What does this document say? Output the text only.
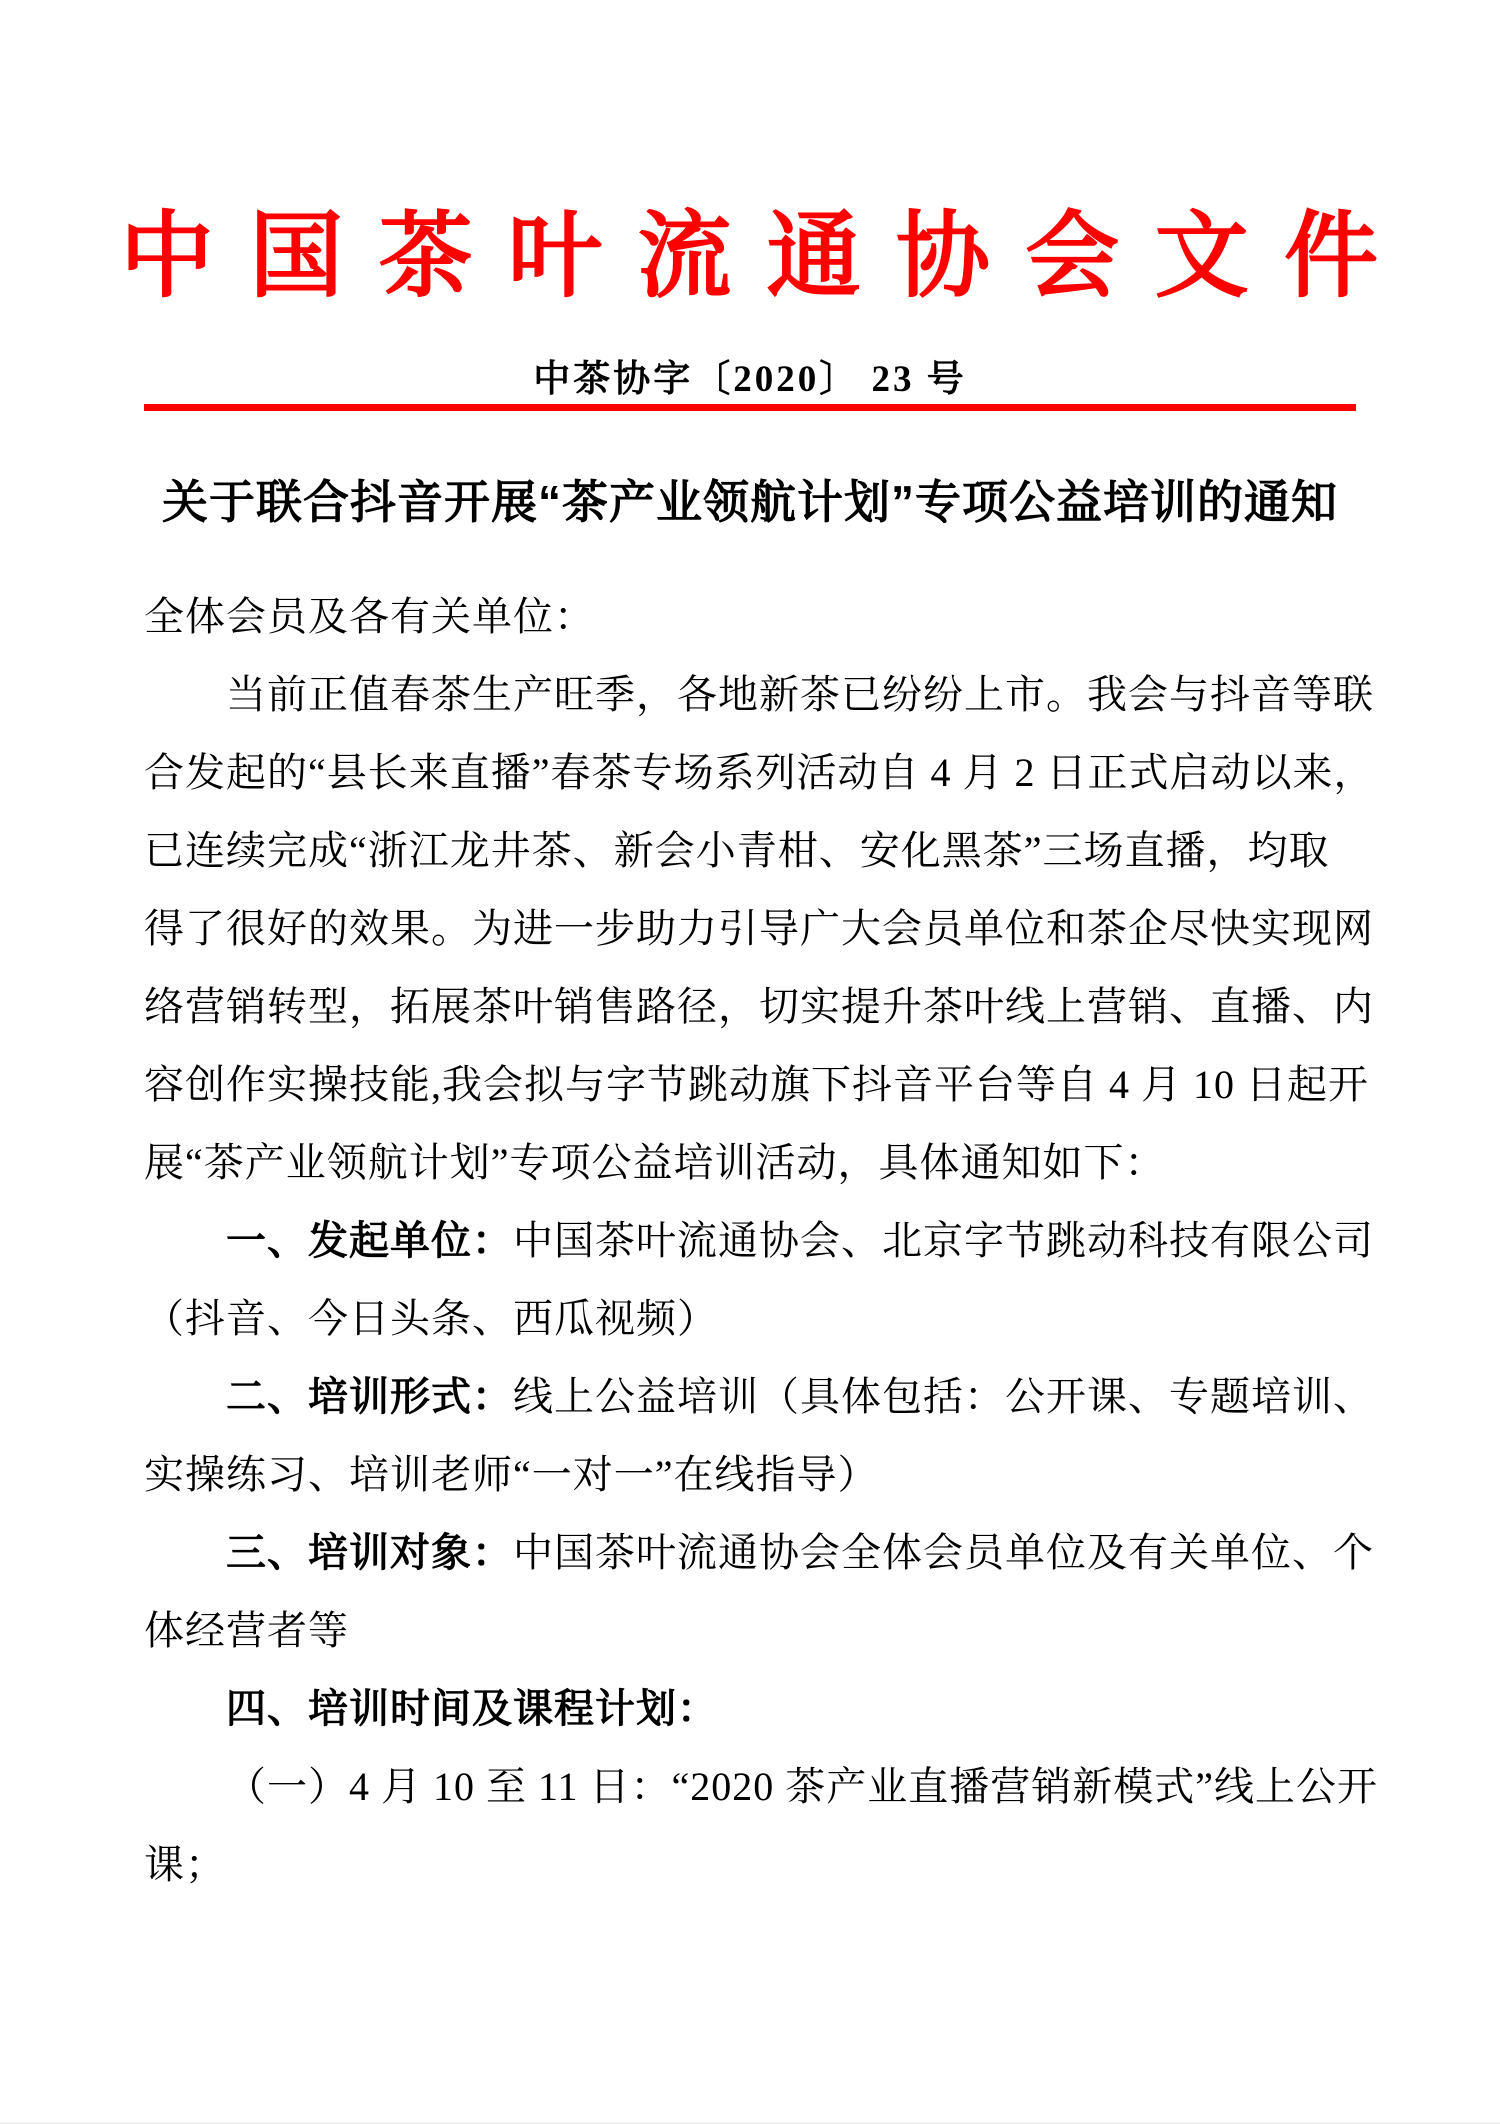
中 国 茶 叶 流 通 协 会 文 件
中茶协字〔2020〕 23 号
关于联合抖音开展“茶产业领航计划”专项公益培训的通知
全体会员及各有关单位：
当前正值春茶生产旺季，各地新茶已纷纷上市。我会与抖音等联
合发起的“县长来直播”春茶专场系列活动自 4 月 2 日正式启动以来，
已连续完成“浙江龙井茶、新会小青柑、安化黑茶”三场直播，均取
得了很好的效果。为进一步助力引导广大会员单位和茶企尽快实现网
络营销转型，拓展茶叶销售路径，切实提升茶叶线上营销、直播、内
容创作实操技能,我会拟与字节跳动旗下抖音平台等自 4 月 10 日起开
展“茶产业领航计划”专项公益培训活动，具体通知如下：
一、发起单位：中国茶叶流通协会、北京字节跳动科技有限公司
（抖音、今日头条、西瓜视频）
二、培训形式：线上公益培训（具体包括：公开课、专题培训、
实操练习、培训老师“一对一”在线指导）
三、培训对象：中国茶叶流通协会全体会员单位及有关单位、个
体经营者等
四、培训时间及课程计划：
（一）4 月 10 至 11 日：“2020 茶产业直播营销新模式”线上公开
课；
